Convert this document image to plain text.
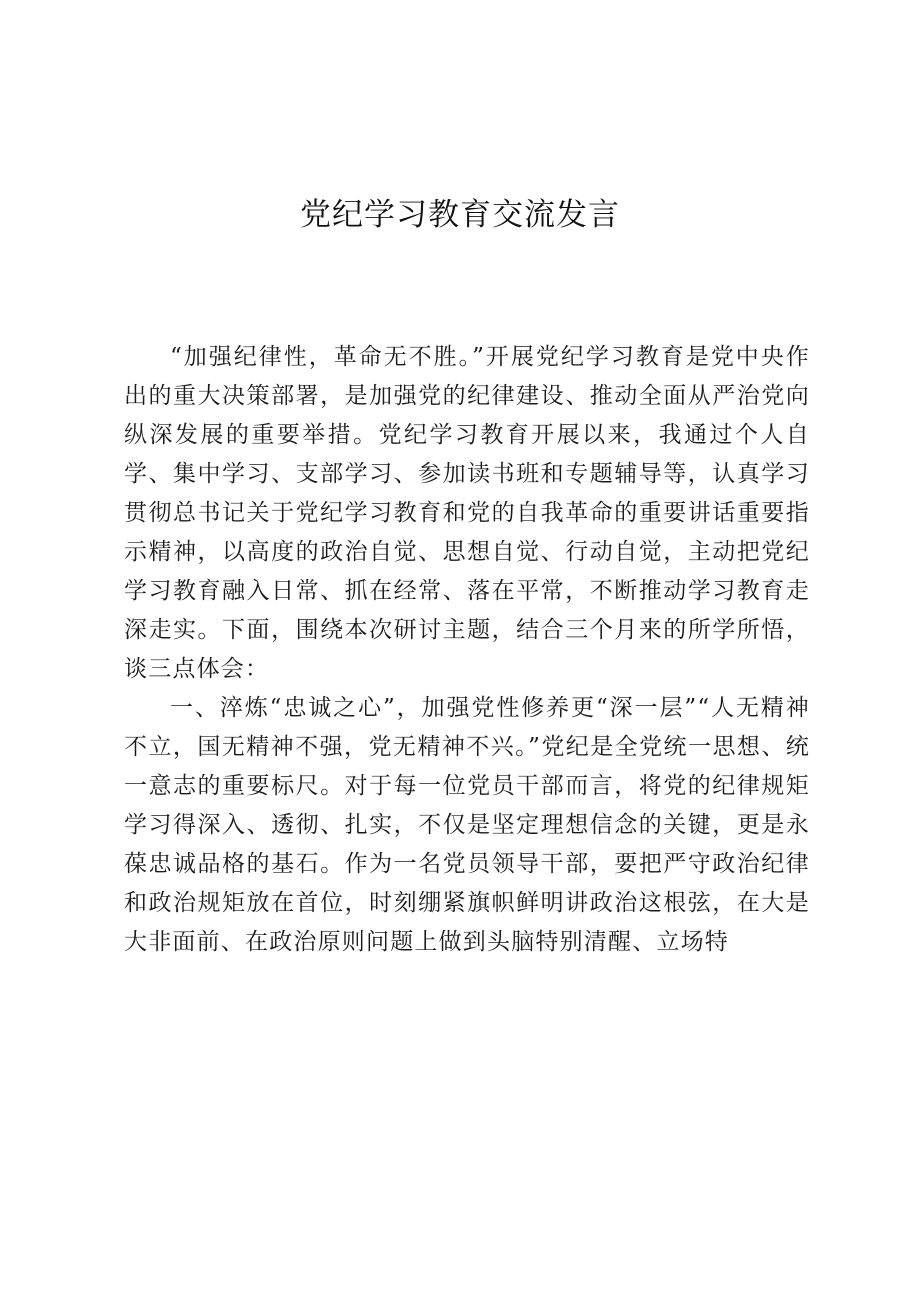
党纪学习教育交流发言

“加强纪律性，革命无不胜。”开展党纪学习教育是党中央作出的重大决策部署，是加强党的纪律建设、推动全面从严治党向纵深发展的重要举措。党纪学习教育开展以来，我通过个人自学、集中学习、支部学习、参加读书班和专题辅导等，认真学习贯彻总书记关于党纪学习教育和党的自我革命的重要讲话重要指示精神，以高度的政治自觉、思想自觉、行动自觉，主动把党纪学习教育融入日常、抓在经常、落在平常，不断推动学习教育走深走实。下面，围绕本次研讨主题，结合三个月来的所学所悟，谈三点体会：

一、淬炼“忠诚之心”，加强党性修养更“深一层”“人无精神不立，国无精神不强，党无精神不兴。”党纪是全党统一思想、统一意志的重要标尺。对于每一位党员干部而言，将党的纪律规矩学习得深入、透彻、扎实，不仅是坚定理想信念的关键，更是永葆忠诚品格的基石。作为一名党员领导干部，要把严守政治纪律和政治规矩放在首位，时刻绷紧旗帜鲜明讲政治这根弦，在大是大非面前、在政治原则问题上做到头脑特别清醒、立场特
